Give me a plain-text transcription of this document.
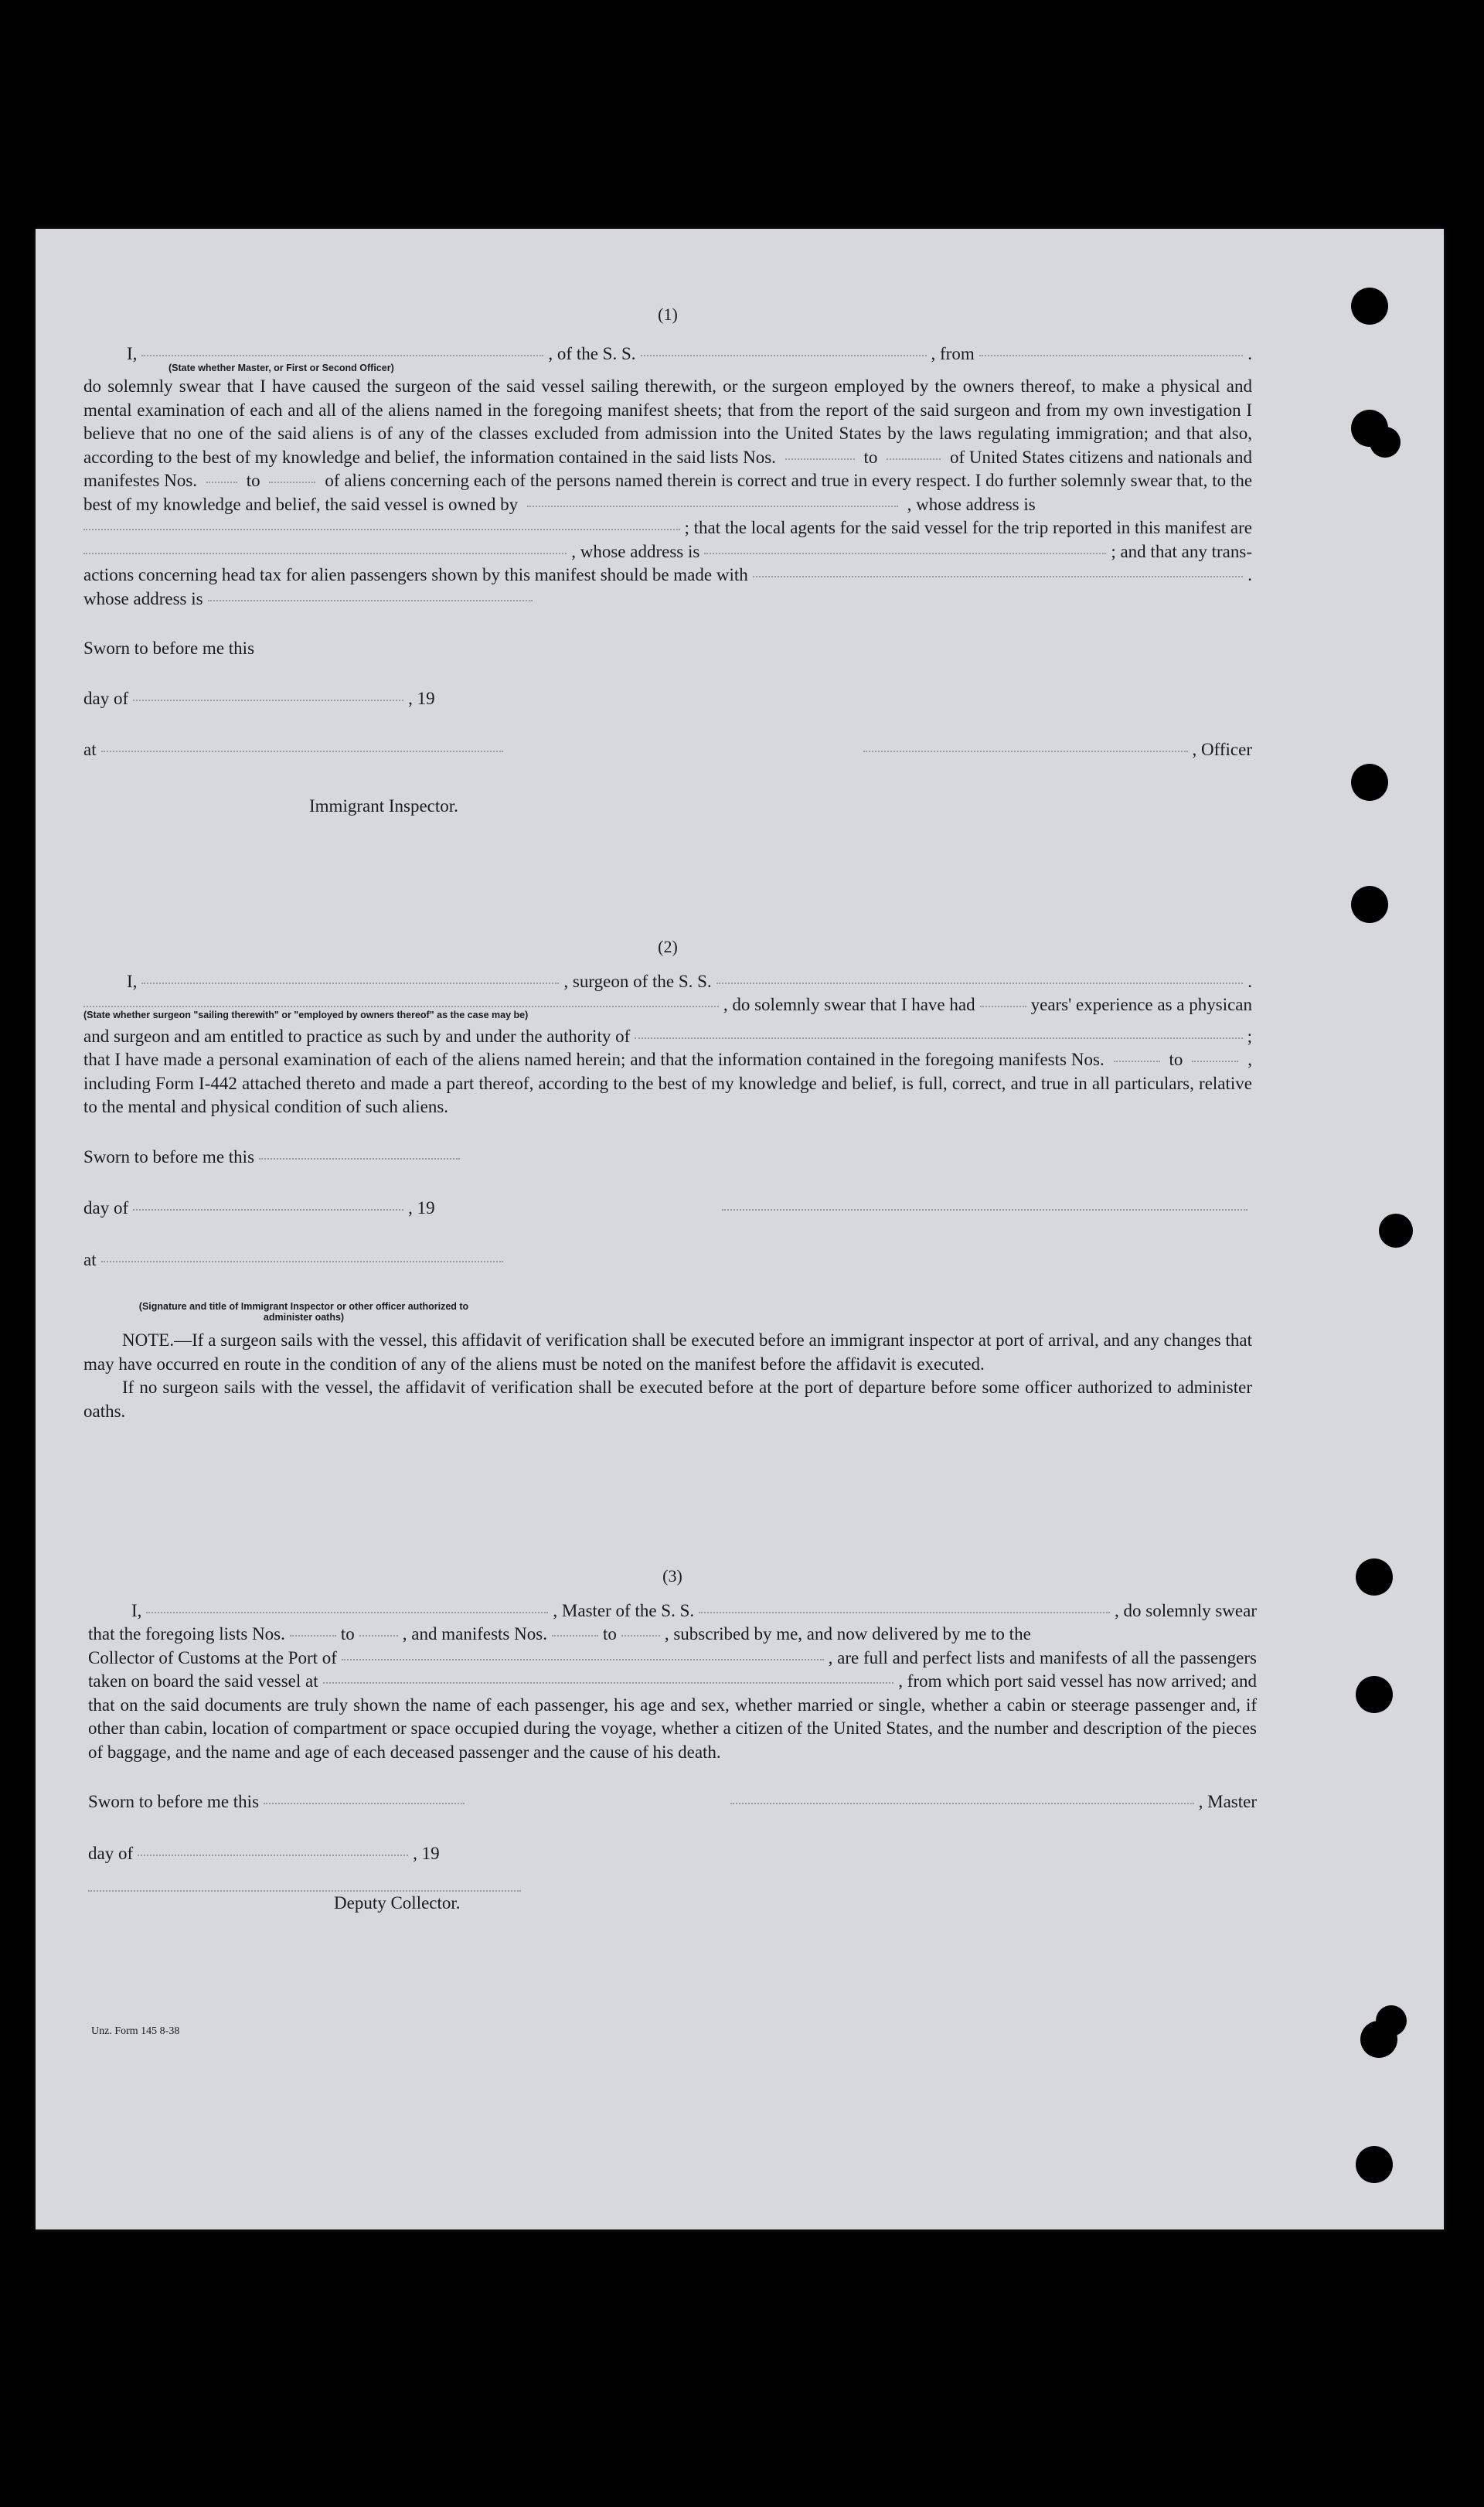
(1)
I,	, of the S. S.	, from	.
(State whether Master, or First or Second Officer)

do solemnly swear that I have caused the surgeon of the said vessel sailing therewith, or the surgeon employed by the owners thereof, to make a physical and mental examination of each and all of the aliens named in the foregoing manifest sheets; that from the report of the said surgeon and from my own investigation I believe that no one of the said aliens is of any of the classes excluded from admission into the United States by the laws regulating immigration; and that also, according to the best of my knowledge and belief, the information contained in the said lists Nos.	to	of United States citizens and nationals and manifestes Nos.	to	of aliens concerning each of the persons named therein is correct and true in every respect. I do further solemnly swear that, to the best of my knowledge and belief, the said vessel is owned by	, whose address is

; that the local agents for the said vessel for the trip reported in this manifest are
, whose address is	; and that any trans-
actions concerning head tax for alien passengers shown by this manifest should be made with	.
whose address is
Sworn to before me this
day of	, 19
at	, Officer
Immigrant Inspector.
(2)
I,	, surgeon of the S. S.	.
, do solemnly swear that I have had	years' experience as a physican
(State whether surgeon "sailing therewith" or "employed by owners thereof" as the case may be)
and surgeon and am entitled to practice as such by and under the authority of	;

that I have made a personal examination of each of the aliens named herein; and that the information contained in the foregoing manifests Nos.	to	, including Form I-442 attached thereto and made a part thereof, according to the best of my knowledge and belief, is full, correct, and true in all particulars, relative to the mental and physical condition of such aliens.

Sworn to before me this
day of	, 19
at
(Signature and title of Immigrant Inspector or other officer authorized to administer oaths)

NOTE.—If a surgeon sails with the vessel, this affidavit of verification shall be executed before an immigrant inspector at port of arrival, and any changes that may have occurred en route in the condition of any of the aliens must be noted on the manifest before the affidavit is executed.

If no surgeon sails with the vessel, the affidavit of verification shall be executed before at the port of departure before some officer authorized to administer oaths.

(3)
I,	, Master of the S. S.	, do solemnly swear
that the foregoing lists Nos.	to	, and manifests Nos.	to	, subscribed by me, and now delivered by me to the
Collector of Customs at the Port of	, are full and perfect lists and manifests of all the passengers
taken on board the said vessel at	, from which port said vessel has now arrived; and

that on the said documents are truly shown the name of each passenger, his age and sex, whether married or single, whether a cabin or steerage passenger and, if other than cabin, location of compartment or space occupied during the voyage, whether a citizen of the United States, and the number and description of the pieces of baggage, and the name and age of each deceased passenger and the cause of his death.

Sworn to before me this	, Master
day of	, 19
Deputy Collector.
Unz. Form 145 8-38
